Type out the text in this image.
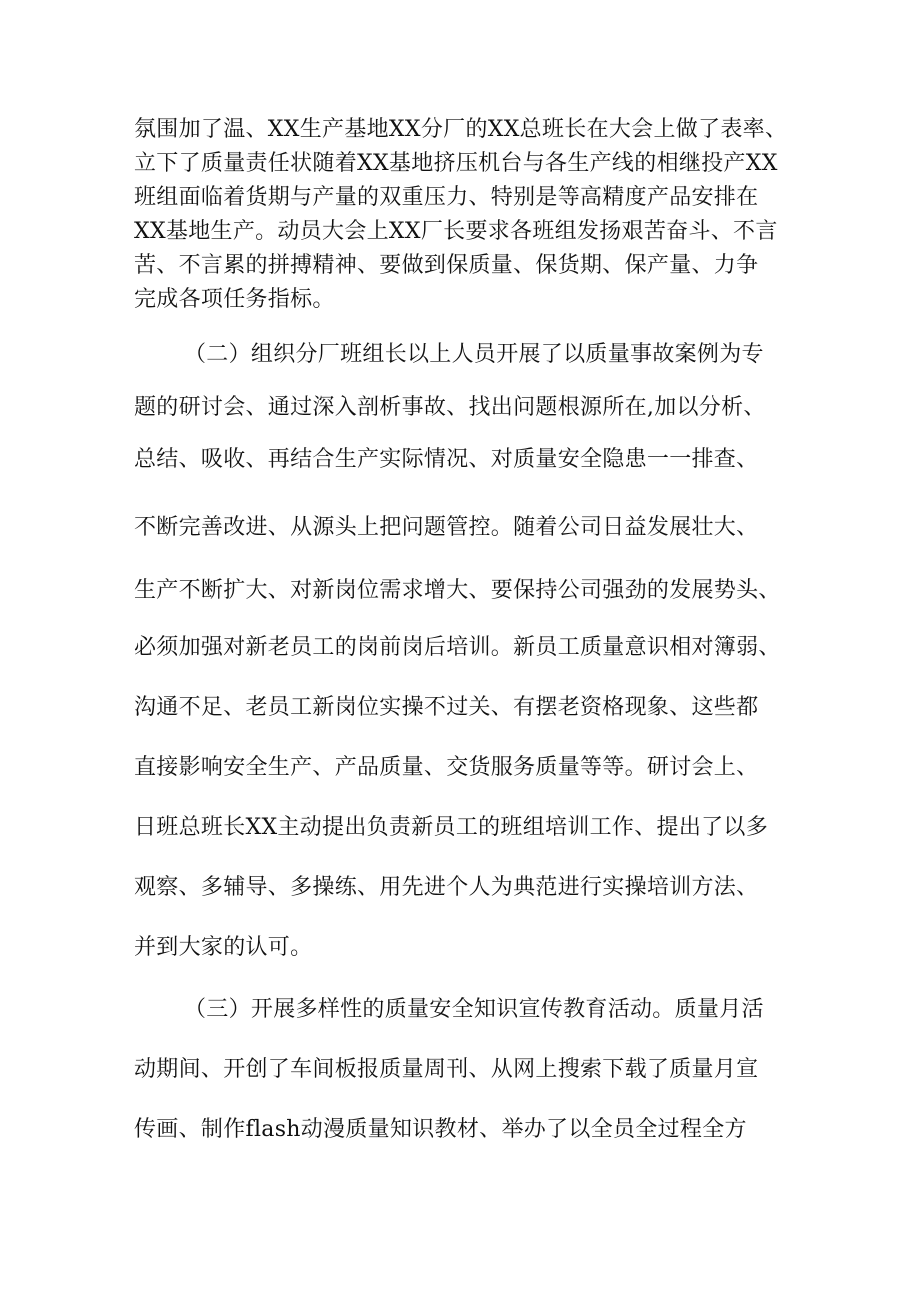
氛围加了温、XX生产基地XX分厂的XX总班长在大会上做了表率、
立下了质量责任状随着XX基地挤压机台与各生产线的相继投产XX
班组面临着货期与产量的双重压力、特别是等高精度产品安排在
XX基地生产。动员大会上XX厂长要求各班组发扬艰苦奋斗、不言
苦、不言累的拼搏精神、要做到保质量、保货期、保产量、力争
完成各项任务指标。
（二）组织分厂班组长以上人员开展了以质量事故案例为专
题的研讨会、通过深入剖析事故、找出问题根源所在,加以分析、
总结、吸收、再结合生产实际情况、对质量安全隐患一一排查、
不断完善改进、从源头上把问题管控。随着公司日益发展壮大、
生产不断扩大、对新岗位需求增大、要保持公司强劲的发展势头、
必须加强对新老员工的岗前岗后培训。新员工质量意识相对簿弱、
沟通不足、老员工新岗位实操不过关、有摆老资格现象、这些都
直接影响安全生产、产品质量、交货服务质量等等。研讨会上、
日班总班长XX主动提出负责新员工的班组培训工作、提出了以多
观察、多辅导、多操练、用先进个人为典范进行实操培训方法、
并到大家的认可。
（三）开展多样性的质量安全知识宣传教育活动。质量月活
动期间、开创了车间板报质量周刊、从网上搜索下载了质量月宣
传画、制作flash动漫质量知识教材、举办了以全员全过程全方
